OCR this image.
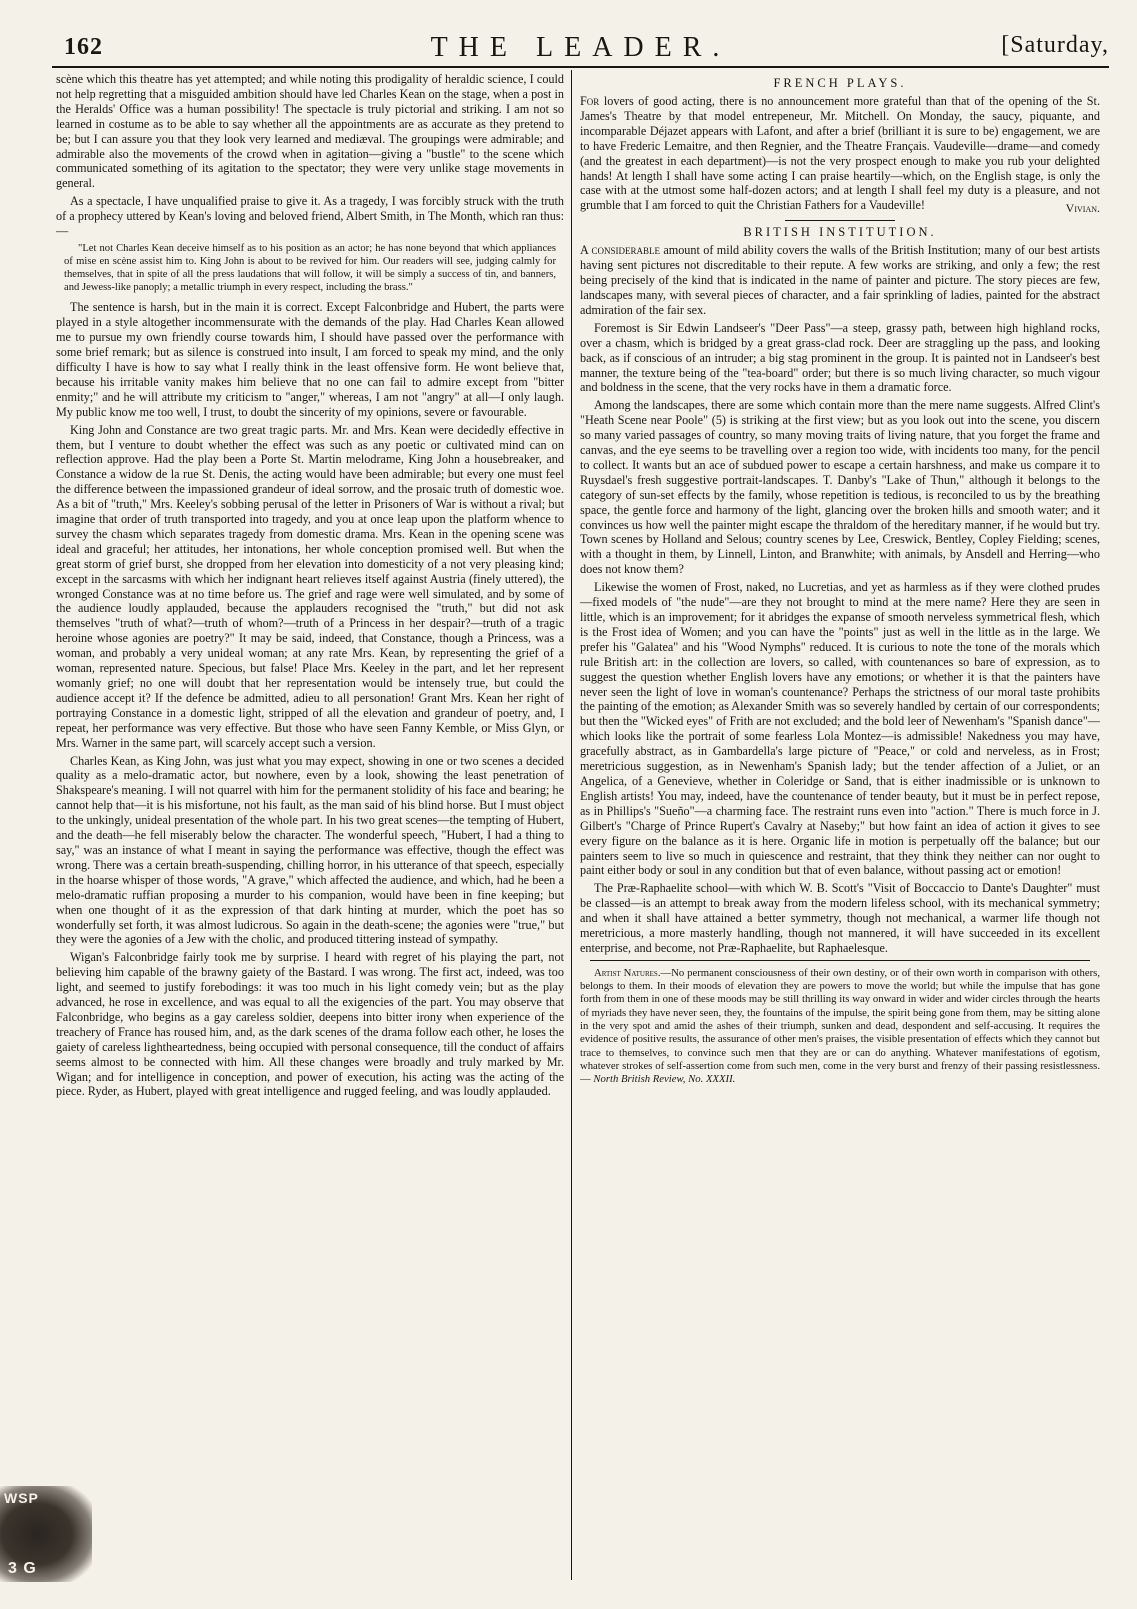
162	THE LEADER.	[Saturday,

scène which this theatre has yet attempted; and while noting this prodigality of heraldic science, I could not help regretting that a misguided ambition should have led Charles Kean on the stage, when a post in the Heralds' Office was a human possibility! The spectacle is truly pictorial and striking. I am not so learned in costume as to be able to say whether all the appointments are as accurate as they pretend to be; but I can assure you that they look very learned and mediæval. The groupings were admirable; and admirable also the movements of the crowd when in agitation—giving a "bustle" to the scene which communicated something of its agitation to the spectator; they were very unlike stage movements in general.

As a spectacle, I have unqualified praise to give it. As a tragedy, I was forcibly struck with the truth of a prophecy uttered by Kean's loving and beloved friend, Albert Smith, in The Month, which ran thus:—

"Let not Charles Kean deceive himself as to his position as an actor; he has none beyond that which appliances of mise en scène assist him to. King John is about to be revived for him. Our readers will see, judging calmly for themselves, that in spite of all the press laudations that will follow, it will be simply a success of tin, and banners, and Jewess-like panoply; a metallic triumph in every respect, including the brass."

The sentence is harsh, but in the main it is correct. Except Falconbridge and Hubert, the parts were played in a style altogether incommensurate with the demands of the play. Had Charles Kean allowed me to pursue my own friendly course towards him, I should have passed over the performance with some brief remark; but as silence is construed into insult, I am forced to speak my mind, and the only difficulty I have is how to say what I really think in the least offensive form. He wont believe that, because his irritable vanity makes him believe that no one can fail to admire except from "bitter enmity;" and he will attribute my criticism to "anger," whereas, I am not "angry" at all—I only laugh. My public know me too well, I trust, to doubt the sincerity of my opinions, severe or favourable.

King John and Constance are two great tragic parts. Mr. and Mrs. Kean were decidedly effective in them, but I venture to doubt whether the effect was such as any poetic or cultivated mind can on reflection approve. Had the play been a Porte St. Martin melodrame, King John a housebreaker, and Constance a widow de la rue St. Denis, the acting would have been admirable; but every one must feel the difference between the impassioned grandeur of ideal sorrow, and the prosaic truth of domestic woe. As a bit of "truth," Mrs. Keeley's sobbing perusal of the letter in Prisoners of War is without a rival; but imagine that order of truth transported into tragedy, and you at once leap upon the platform whence to survey the chasm which separates tragedy from domestic drama. Mrs. Kean in the opening scene was ideal and graceful; her attitudes, her intonations, her whole conception promised well. But when the great storm of grief burst, she dropped from her elevation into domesticity of a not very pleasing kind; except in the sarcasms with which her indignant heart relieves itself against Austria (finely uttered), the wronged Constance was at no time before us. The grief and rage were well simulated, and by some of the audience loudly applauded, because the applauders recognised the "truth," but did not ask themselves "truth of what?—truth of whom?—truth of a Princess in her despair?—truth of a tragic heroine whose agonies are poetry?" It may be said, indeed, that Constance, though a Princess, was a woman, and probably a very unideal woman; at any rate Mrs. Kean, by representing the grief of a woman, represented nature. Specious, but false! Place Mrs. Keeley in the part, and let her represent womanly grief; no one will doubt that her representation would be intensely true, but could the audience accept it? If the defence be admitted, adieu to all personation! Grant Mrs. Kean her right of portraying Constance in a domestic light, stripped of all the elevation and grandeur of poetry, and, I repeat, her performance was very effective. But those who have seen Fanny Kemble, or Miss Glyn, or Mrs. Warner in the same part, will scarcely accept such a version.

Charles Kean, as King John, was just what you may expect, showing in one or two scenes a decided quality as a melo-dramatic actor, but nowhere, even by a look, showing the least penetration of Shakspeare's meaning. I will not quarrel with him for the permanent stolidity of his face and bearing; he cannot help that—it is his misfortune, not his fault, as the man said of his blind horse. But I must object to the unkingly, unideal presentation of the whole part. In his two great scenes—the tempting of Hubert, and the death—he fell miserably below the character. The wonderful speech, "Hubert, I had a thing to say," was an instance of what I meant in saying the performance was effective, though the effect was wrong. There was a certain breath-suspending, chilling horror, in his utterance of that speech, especially in the hoarse whisper of those words, "A grave," which affected the audience, and which, had he been a melo-dramatic ruffian proposing a murder to his companion, would have been in fine keeping; but when one thought of it as the expression of that dark hinting at murder, which the poet has so wonderfully set forth, it was almost ludicrous. So again in the death-scene; the agonies were "true," but they were the agonies of a Jew with the cholic, and produced tittering instead of sympathy.

Wigan's Falconbridge fairly took me by surprise. I heard with regret of his playing the part, not believing him capable of the brawny gaiety of the Bastard. I was wrong. The first act, indeed, was too light, and seemed to justify forebodings: it was too much in his light comedy vein; but as the play advanced, he rose in excellence, and was equal to all the exigencies of the part. You may observe that Falconbridge, who begins as a gay careless soldier, deepens into bitter irony when experience of the treachery of France has roused him, and, as the dark scenes of the drama follow each other, he loses the gaiety of careless lightheartedness, being occupied with personal consequence, till the conduct of affairs seems almost to be connected with him. All these changes were broadly and truly marked by Mr. Wigan; and for intelligence in conception, and power of execution, his acting was the acting of the piece. Ryder, as Hubert, played with great intelligence and rugged feeling, and was loudly applauded.

FRENCH PLAYS.

For lovers of good acting, there is no announcement more grateful than that of the opening of the St. James's Theatre by that model entrepeneur, Mr. Mitchell. On Monday, the saucy, piquante, and incomparable Déjazet appears with Lafont, and after a brief (brilliant it is sure to be) engagement, we are to have Frederic Lemaitre, and then Regnier, and the Theatre Français. Vaudeville—drame—and comedy (and the greatest in each department)—is not the very prospect enough to make you rub your delighted hands! At length I shall have some acting I can praise heartily—which, on the English stage, is only the case with at the utmost some half-dozen actors; and at length I shall feel my duty is a pleasure, and not grumble that I am forced to quit the Christian Fathers for a Vaudeville!	Vivian.
BRITISH INSTITUTION.

A considerable amount of mild ability covers the walls of the British Institution; many of our best artists having sent pictures not discreditable to their repute. A few works are striking, and only a few; the rest being precisely of the kind that is indicated in the name of painter and picture. The story pieces are few, landscapes many, with several pieces of character, and a fair sprinkling of ladies, painted for the abstract admiration of the fair sex.

Foremost is Sir Edwin Landseer's "Deer Pass"—a steep, grassy path, between high highland rocks, over a chasm, which is bridged by a great grass-clad rock. Deer are straggling up the pass, and looking back, as if conscious of an intruder; a big stag prominent in the group. It is painted not in Landseer's best manner, the texture being of the "tea-board" order; but there is so much living character, so much vigour and boldness in the scene, that the very rocks have in them a dramatic force.

Among the landscapes, there are some which contain more than the mere name suggests. Alfred Clint's "Heath Scene near Poole" (5) is striking at the first view; but as you look out into the scene, you discern so many varied passages of country, so many moving traits of living nature, that you forget the frame and canvas, and the eye seems to be travelling over a region too wide, with incidents too many, for the pencil to collect. It wants but an ace of subdued power to escape a certain harshness, and make us compare it to Ruysdael's fresh suggestive portrait-landscapes. T. Danby's "Lake of Thun," although it belongs to the category of sun-set effects by the family, whose repetition is tedious, is reconciled to us by the breathing space, the gentle force and harmony of the light, glancing over the broken hills and smooth water; and it convinces us how well the painter might escape the thraldom of the hereditary manner, if he would but try. Town scenes by Holland and Selous; country scenes by Lee, Creswick, Bentley, Copley Fielding; scenes, with a thought in them, by Linnell, Linton, and Branwhite; with animals, by Ansdell and Herring—who does not know them?

Likewise the women of Frost, naked, no Lucretias, and yet as harmless as if they were clothed prudes—fixed models of "the nude"—are they not brought to mind at the mere name? Here they are seen in little, which is an improvement; for it abridges the expanse of smooth nerveless symmetrical flesh, which is the Frost idea of Women; and you can have the "points" just as well in the little as in the large. We prefer his "Galatea" and his "Wood Nymphs" reduced. It is curious to note the tone of the morals which rule British art: in the collection are lovers, so called, with countenances so bare of expression, as to suggest the question whether English lovers have any emotions; or whether it is that the painters have never seen the light of love in woman's countenance? Perhaps the strictness of our moral taste prohibits the painting of the emotion; as Alexander Smith was so severely handled by certain of our correspondents; but then the "Wicked eyes" of Frith are not excluded; and the bold leer of Newenham's "Spanish dance"—which looks like the portrait of some fearless Lola Montez—is admissible! Nakedness you may have, gracefully abstract, as in Gambardella's large picture of "Peace," or cold and nerveless, as in Frost; meretricious suggestion, as in Newenham's Spanish lady; but the tender affection of a Juliet, or an Angelica, of a Genevieve, whether in Coleridge or Sand, that is either inadmissible or is unknown to English artists! You may, indeed, have the countenance of tender beauty, but it must be in perfect repose, as in Phillips's "Sueño"—a charming face. The restraint runs even into "action." There is much force in J. Gilbert's "Charge of Prince Rupert's Cavalry at Naseby;" but how faint an idea of action it gives to see every figure on the balance as it is here. Organic life in motion is perpetually off the balance; but our painters seem to live so much in quiescence and restraint, that they think they neither can nor ought to paint either body or soul in any condition but that of even balance, without passing act or emotion!

The Præ-Raphaelite school—with which W. B. Scott's "Visit of Boccaccio to Dante's Daughter" must be classed—is an attempt to break away from the modern lifeless school, with its mechanical symmetry; and when it shall have attained a better symmetry, though not mechanical, a warmer life though not meretricious, a more masterly handling, though not mannered, it will have succeeded in its excellent enterprise, and become, not Præ-Raphaelite, but Raphaelesque.

Artist Natures.—No permanent consciousness of their own destiny, or of their own worth in comparison with others, belongs to them. In their moods of elevation they are powers to move the world; but while the impulse that has gone forth from them in one of these moods may be still thrilling its way onward in wider and wider circles through the hearts of myriads they have never seen, they, the fountains of the impulse, the spirit being gone from them, may be sitting alone in the very spot and amid the ashes of their triumph, sunken and dead, despondent and self-accusing. It requires the evidence of positive results, the assurance of other men's praises, the visible presentation of effects which they cannot but trace to themselves, to convince such men that they are or can do anything. Whatever manifestations of egotism, whatever strokes of self-assertion come from such men, come in the very burst and frenzy of their passing resistlessness.— North British Review, No. XXXII.

WSP
3 G
